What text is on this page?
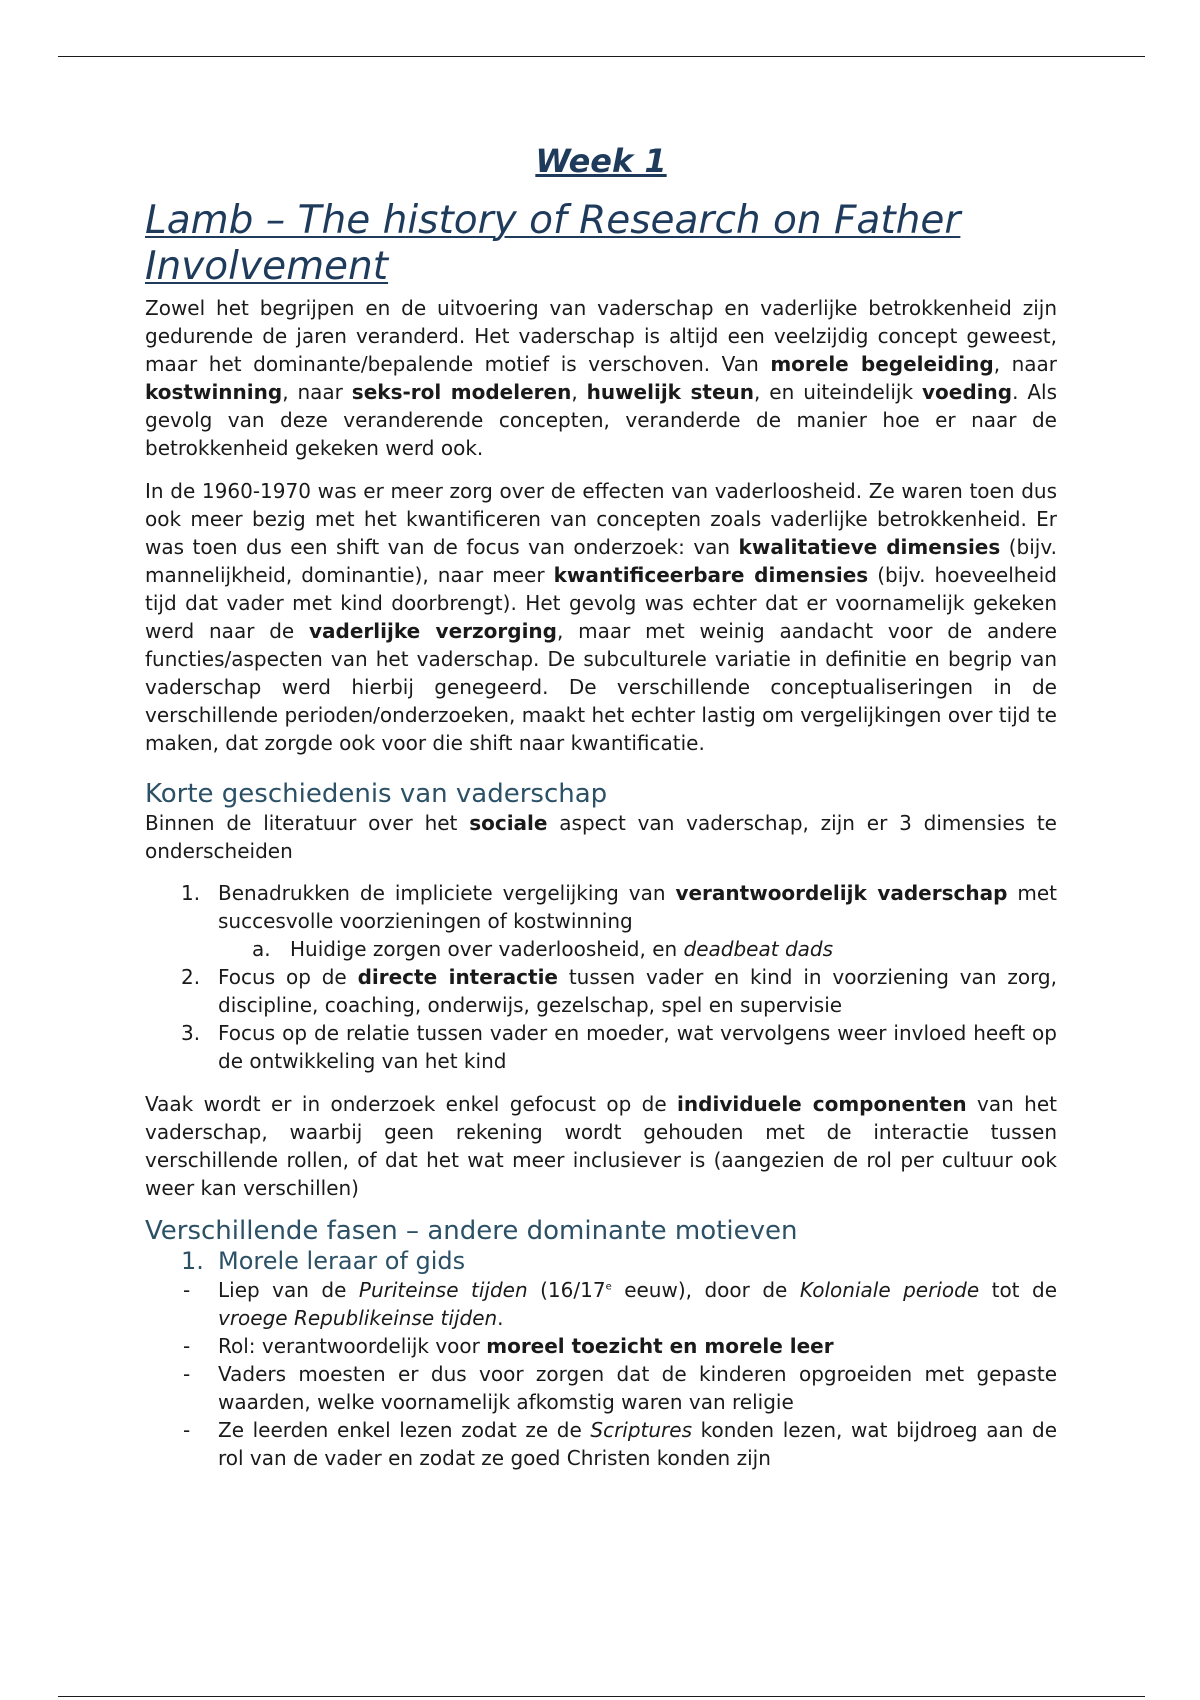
Week 1
Lamb – The history of Research on Father Involvement

Zowel het begrijpen en de uitvoering van vaderschap en vaderlijke betrokkenheid zijn gedurende de jaren veranderd. Het vaderschap is altijd een veelzijdig concept geweest, maar het dominante/bepalende motief is verschoven. Van morele begeleiding, naar kostwinning, naar seks-rol modeleren, huwelijk steun, en uiteindelijk voeding. Als gevolg van deze veranderende concepten, veranderde de manier hoe er naar de betrokkenheid gekeken werd ook.

In de 1960-1970 was er meer zorg over de effecten van vaderloosheid. Ze waren toen dus ook meer bezig met het kwantificeren van concepten zoals vaderlijke betrokkenheid. Er was toen dus een shift van de focus van onderzoek: van kwalitatieve dimensies (bijv. mannelijkheid, dominantie), naar meer kwantificeerbare dimensies (bijv. hoeveelheid tijd dat vader met kind doorbrengt). Het gevolg was echter dat er voornamelijk gekeken werd naar de vaderlijke verzorging, maar met weinig aandacht voor de andere functies/aspecten van het vaderschap. De subculturele variatie in definitie en begrip van vaderschap werd hierbij genegeerd. De verschillende conceptualiseringen in de verschillende perioden/onderzoeken, maakt het echter lastig om vergelijkingen over tijd te maken, dat zorgde ook voor die shift naar kwantificatie.

Korte geschiedenis van vaderschap

Binnen de literatuur over het sociale aspect van vaderschap, zijn er 3 dimensies te onderscheiden

1. Benadrukken de impliciete vergelijking van verantwoordelijk vaderschap met succesvolle voorzieningen of kostwinning
a. Huidige zorgen over vaderloosheid, en deadbeat dads
2. Focus op de directe interactie tussen vader en kind in voorziening van zorg, discipline, coaching, onderwijs, gezelschap, spel en supervisie
3. Focus op de relatie tussen vader en moeder, wat vervolgens weer invloed heeft op de ontwikkeling van het kind

Vaak wordt er in onderzoek enkel gefocust op de individuele componenten van het vaderschap, waarbij geen rekening wordt gehouden met de interactie tussen verschillende rollen, of dat het wat meer inclusiever is (aangezien de rol per cultuur ook weer kan verschillen)

Verschillende fasen – andere dominante motieven
1. Morele leraar of gids
- Liep van de Puriteinse tijden (16/17e eeuw), door de Koloniale periode tot de vroege Republikeinse tijden.
- Rol: verantwoordelijk voor moreel toezicht en morele leer
- Vaders moesten er dus voor zorgen dat de kinderen opgroeiden met gepaste waarden, welke voornamelijk afkomstig waren van religie
- Ze leerden enkel lezen zodat ze de Scriptures konden lezen, wat bijdroeg aan de rol van de vader en zodat ze goed Christen konden zijn
